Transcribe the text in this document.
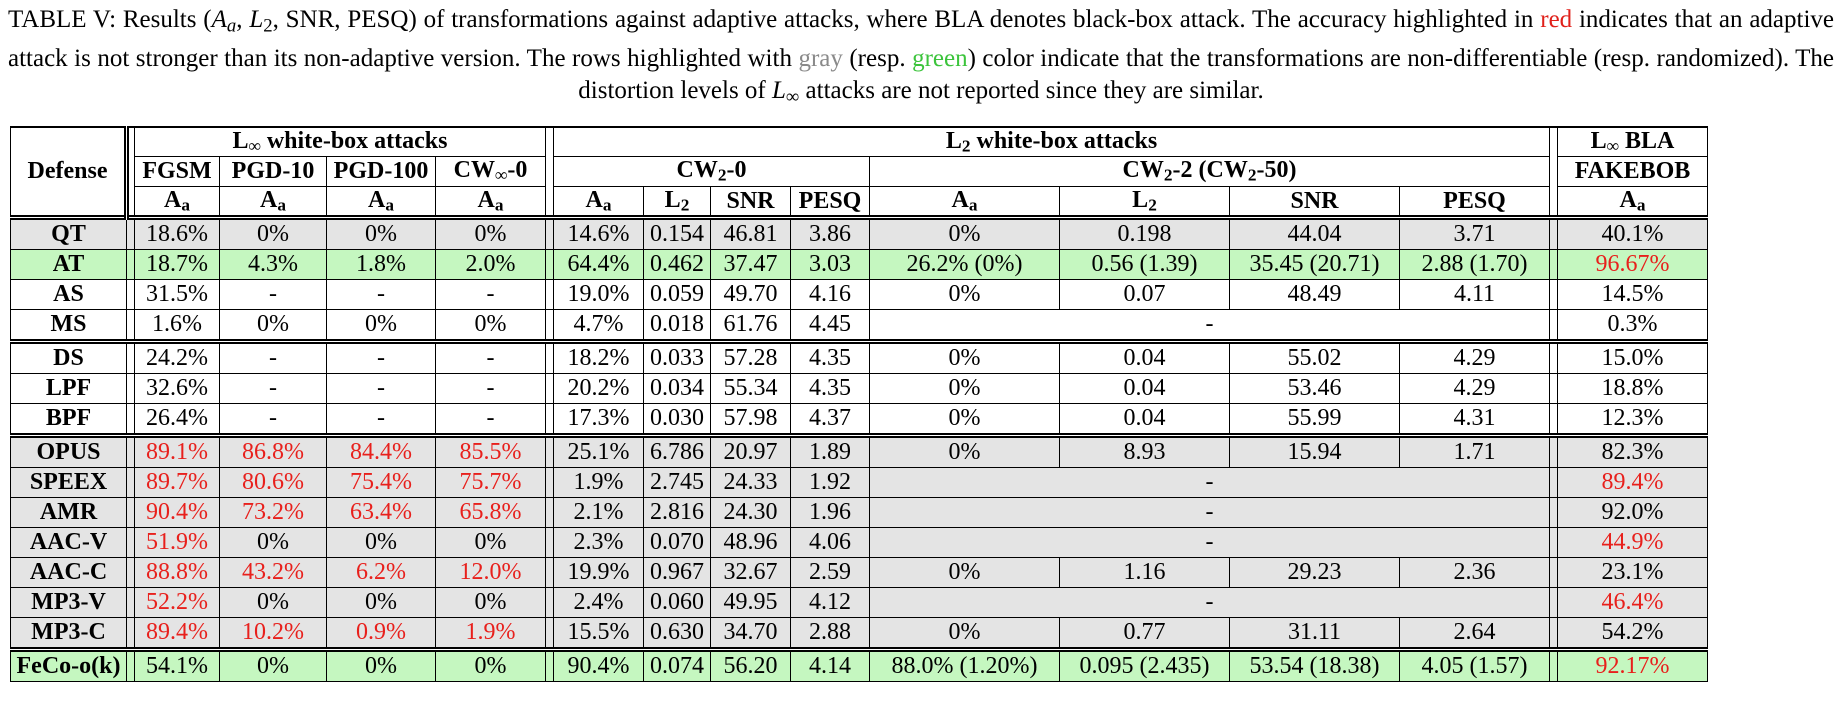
TABLE V: Results ($A_a$, L2, SNR, PESQ) of transformations against adaptive attacks, where BLA denotes black-box attack. The accuracy highlighted in red indicates that an adaptive attack is not stronger than its non-adaptive version. The rows highlighted with gray (resp. green) color indicate that the transformations are non-differentiable (resp. randomized). The distortion levels of L∞ attacks are not reported since they are similar.
Defense		L∞ white-box attacks					L2 white-box attacks									L∞ BLA
		FGSM	PGD-10	PGD-100	CW∞-0		CW2-0				CW2-2 (CW2-50)					FAKEBOB
		Aa	Aa	Aa	Aa		Aa	L2	SNR	PESQ	Aa	L2	SNR	PESQ		Aa
QT		18.6%	0%	0%	0%		14.6%	0.154	46.81	3.86	0%	0.198	44.04	3.71		40.1%
AT		18.7%	4.3%	1.8%	2.0%		64.4%	0.462	37.47	3.03	26.2% (0%)	0.56 (1.39)	35.45 (20.71)	2.88 (1.70)		96.67%
AS		31.5%	-	-	-		19.0%	0.059	49.70	4.16	0%	0.07	48.49	4.11		14.5%
MS		1.6%	0%	0%	0%		4.7%	0.018	61.76	4.45	-					0.3%
DS		24.2%	-	-	-		18.2%	0.033	57.28	4.35	0%	0.04	55.02	4.29		15.0%
LPF		32.6%	-	-	-		20.2%	0.034	55.34	4.35	0%	0.04	53.46	4.29		18.8%
BPF		26.4%	-	-	-		17.3%	0.030	57.98	4.37	0%	0.04	55.99	4.31		12.3%
OPUS		89.1%	86.8%	84.4%	85.5%		25.1%	6.786	20.97	1.89	0%	8.93	15.94	1.71		82.3%
SPEEX		89.7%	80.6%	75.4%	75.7%		1.9%	2.745	24.33	1.92	-					89.4%
AMR		90.4%	73.2%	63.4%	65.8%		2.1%	2.816	24.30	1.96	-					92.0%
AAC-V		51.9%	0%	0%	0%		2.3%	0.070	48.96	4.06	-					44.9%
AAC-C		88.8%	43.2%	6.2%	12.0%		19.9%	0.967	32.67	2.59	0%	1.16	29.23	2.36		23.1%
MP3-V		52.2%	0%	0%	0%		2.4%	0.060	49.95	4.12	-					46.4%
MP3-C		89.4%	10.2%	0.9%	1.9%		15.5%	0.630	34.70	2.88	0%	0.77	31.11	2.64		54.2%
FeCo-o(k)		54.1%	0%	0%	0%		90.4%	0.074	56.20	4.14	88.0% (1.20%)	0.095 (2.435)	53.54 (18.38)	4.05 (1.57)		92.17%
